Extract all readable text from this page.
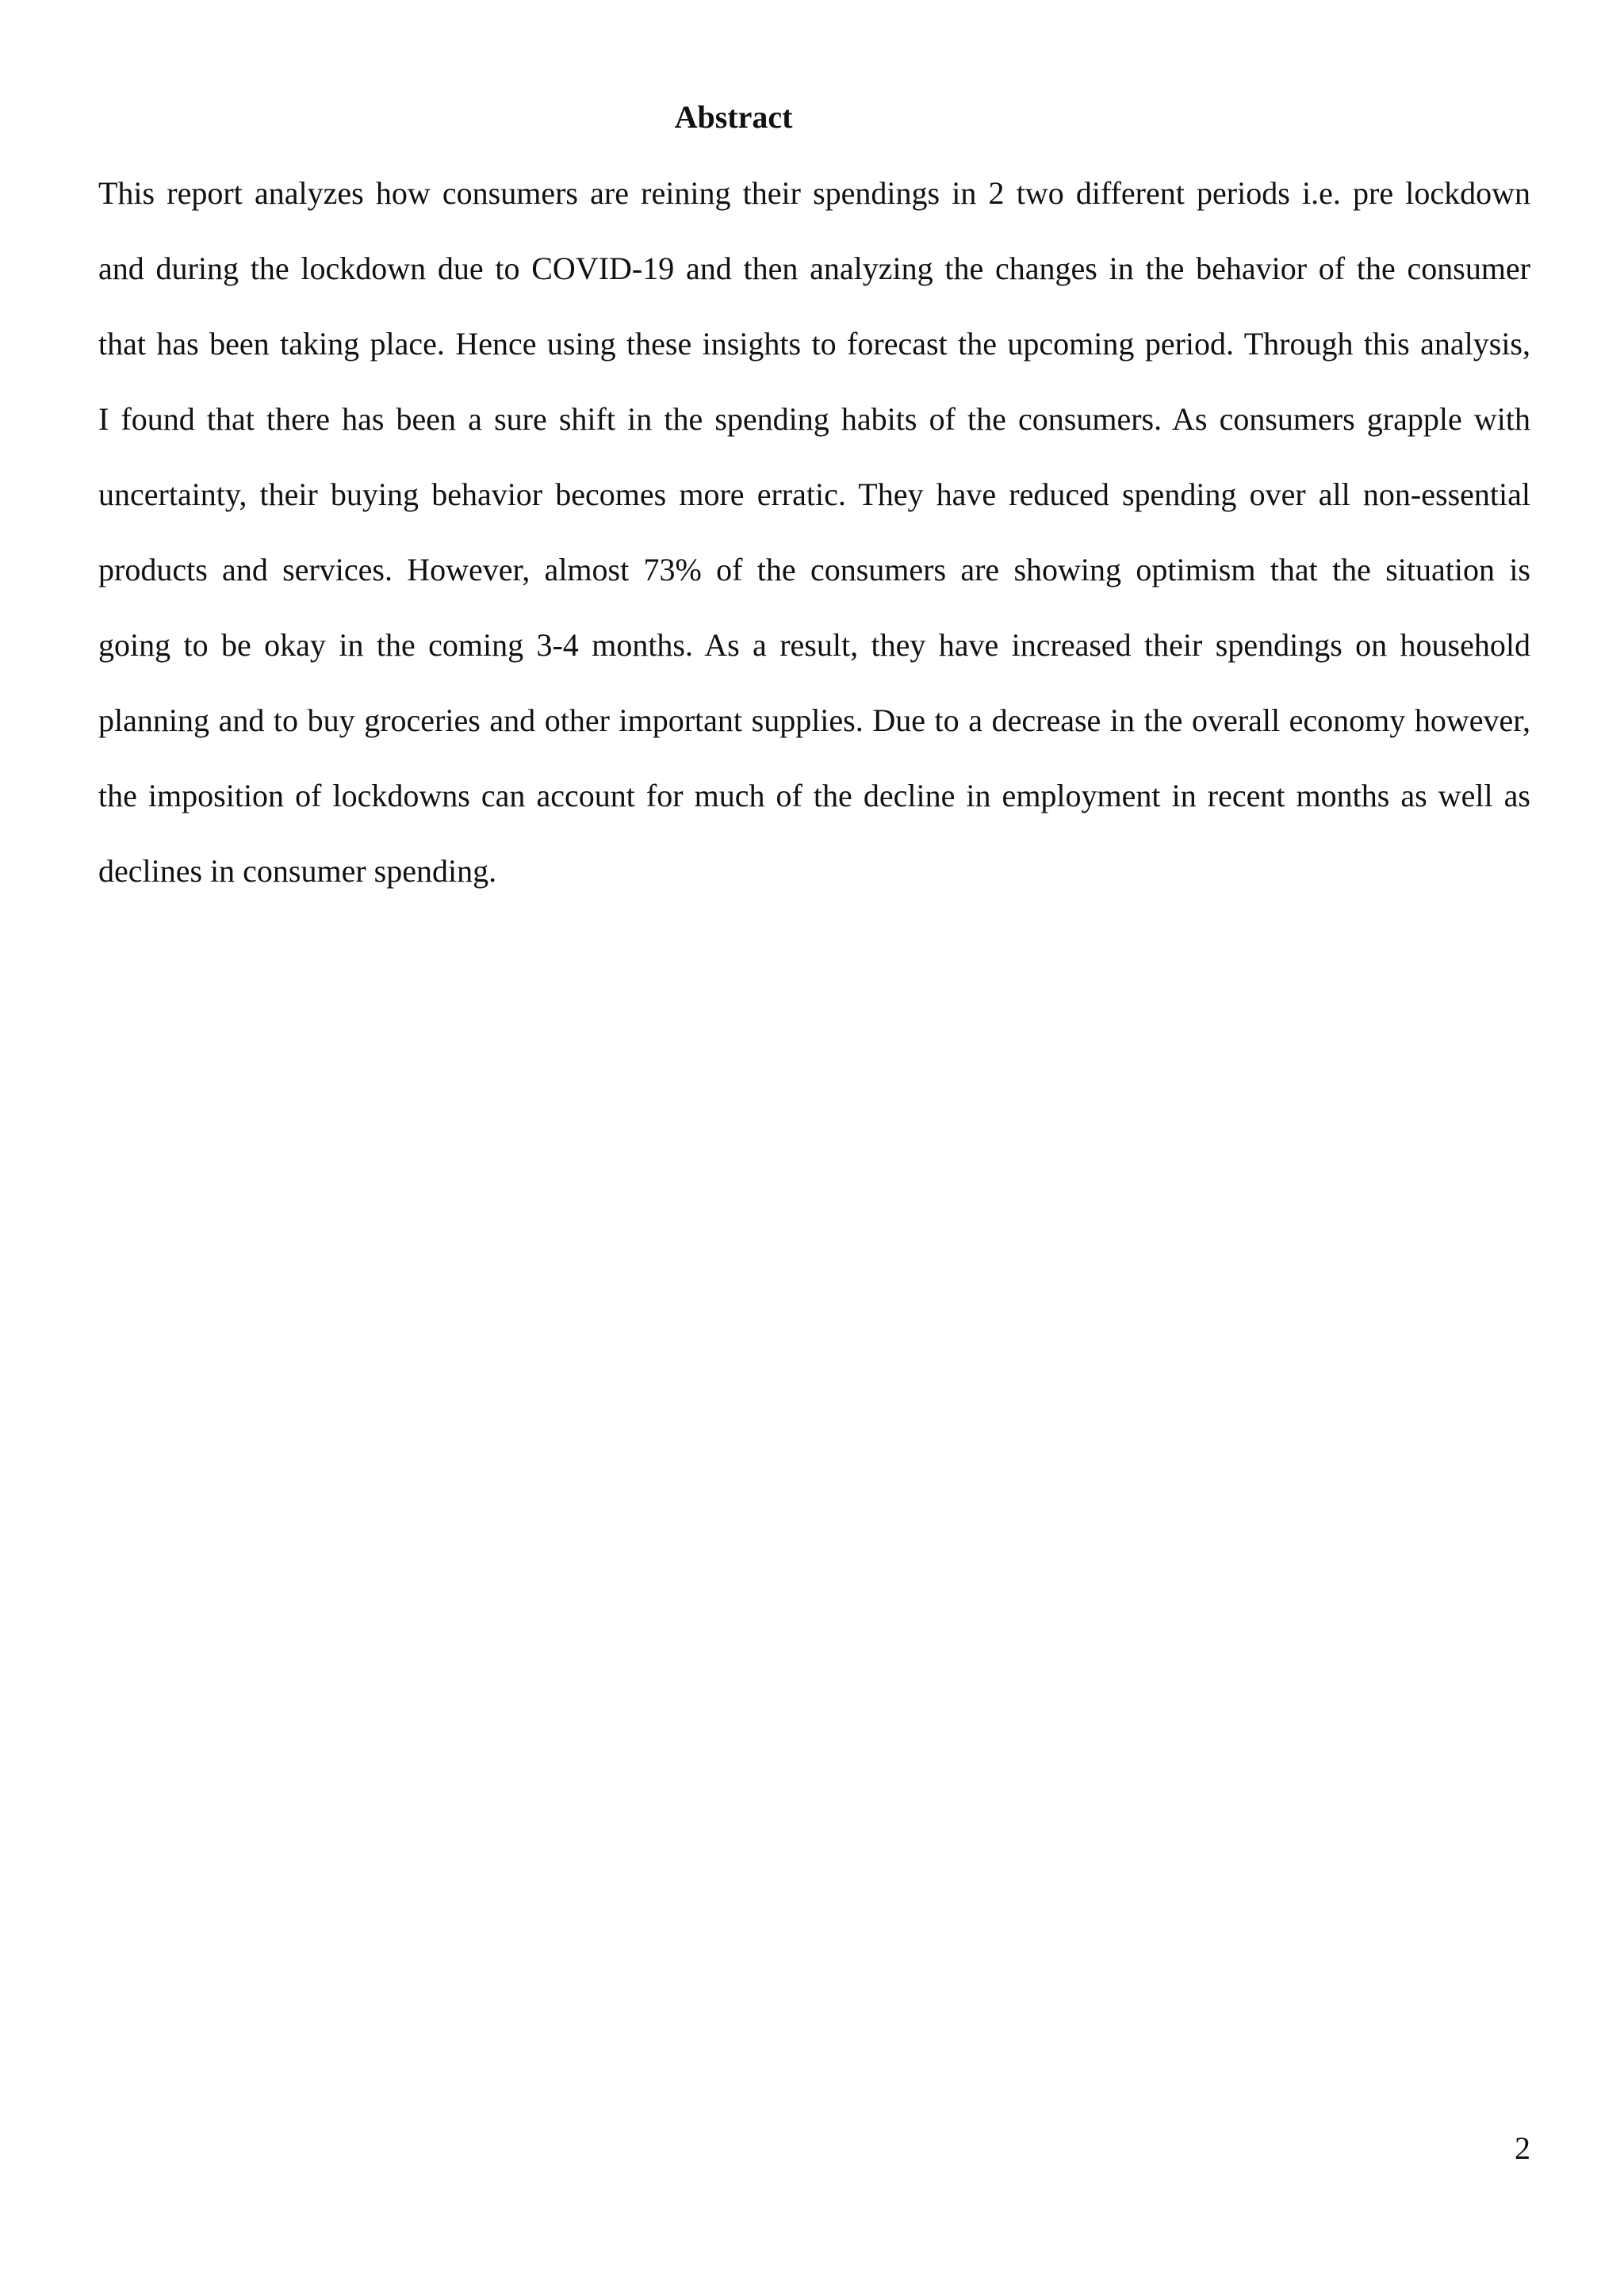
Abstract

This report analyzes how consumers are reining their spendings in 2 two different periods i.e. pre lockdown
and during the lockdown due to COVID-19 and then analyzing the changes in the behavior of the consumer
that has been taking place. Hence using these insights to forecast the upcoming period. Through this analysis,
I found that there has been a sure shift in the spending habits of the consumers. As consumers grapple with
uncertainty, their buying behavior becomes more erratic. They have reduced spending over all non-essential
products and services. However, almost 73% of the consumers are showing optimism that the situation is
going to be okay in the coming 3-4 months. As a result, they have increased their spendings on household
planning and to buy groceries and other important supplies. Due to a decrease in the overall economy however,
the imposition of lockdowns can account for much of the decline in employment in recent months as well as
declines in consumer spending.

2
